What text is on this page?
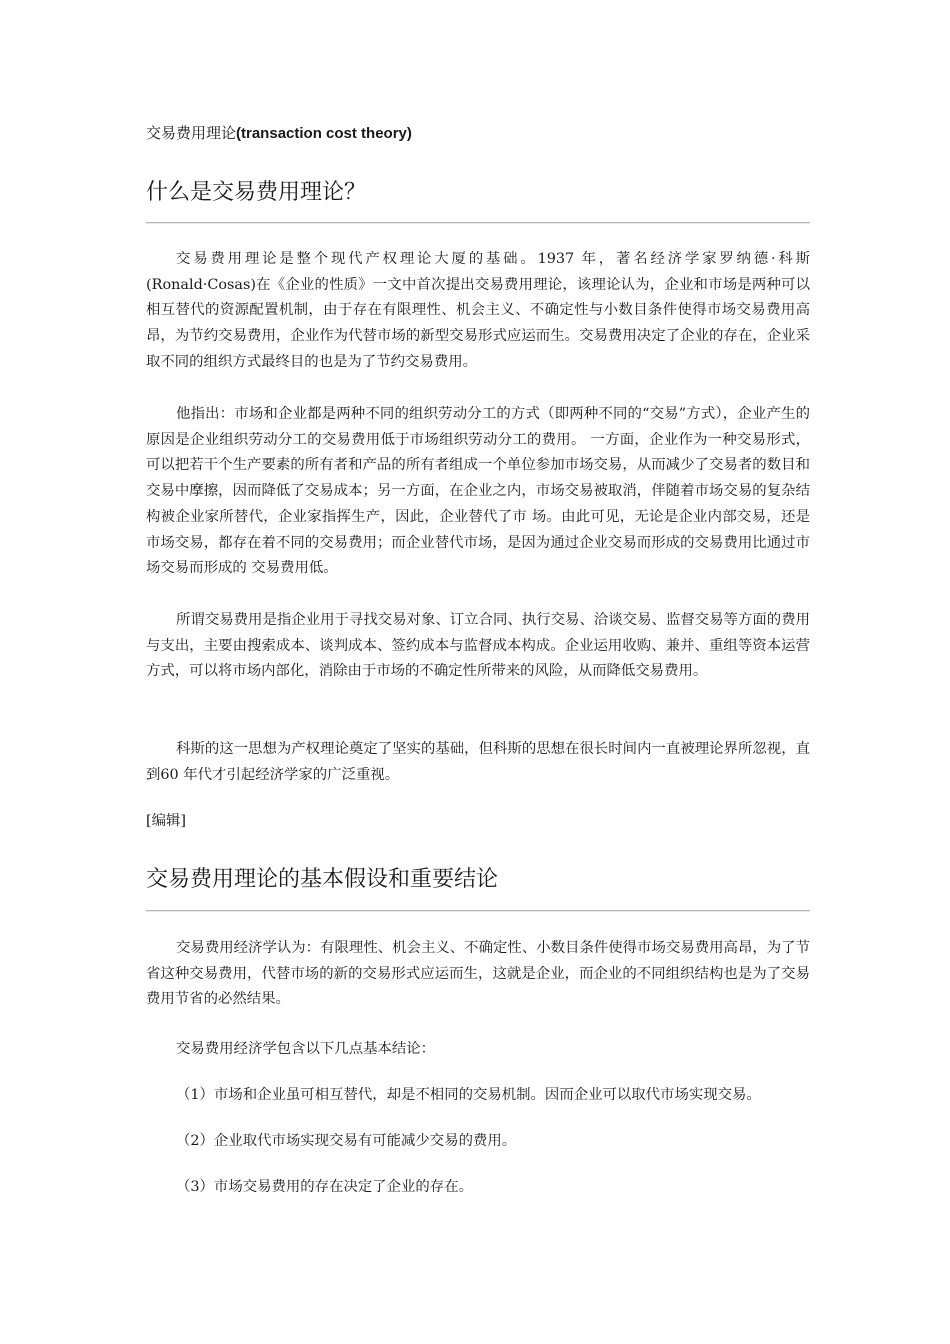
交易费用理论(transaction cost theory)
什么是交易费用理论？
交易费用理论是整个现代产权理论大厦的基础。1937 年，著名经济学家罗纳德·科斯 (Ronald·Cosas)在《企业的性质》一文中首次提出交易费用理论，该理论认为，企业和市场是两种可以相互替代的资源配置机制，由于存在有限理性、机会主义、不确定性与小数目条件使得市场交易费用高昂，为节约交易费用，企业作为代替市场的新型交易形式应运而生。交易费用决定了企业的存在，企业采取不同的组织方式最终目的也是为了节约交易费用。
他指出：市场和企业都是两种不同的组织劳动分工的方式（即两种不同的“交易”方式），企业产生的原因是企业组织劳动分工的交易费用低于市场组织劳动分工的费用。 一方面，企业作为一种交易形式，可以把若干个生产要素的所有者和产品的所有者组成一个单位参加市场交易，从而减少了交易者的数目和交易中摩擦，因而降低了交易成本；另一方面，在企业之内，市场交易被取消，伴随着市场交易的复杂结构被企业家所替代，企业家指挥生产，因此，企业替代了市 场。由此可见，无论是企业内部交易，还是市场交易，都存在着不同的交易费用；而企业替代市场，是因为通过企业交易而形成的交易费用比通过市场交易而形成的 交易费用低。
所谓交易费用是指企业用于寻找交易对象、订立合同、执行交易、洽谈交易、监督交易等方面的费用与支出，主要由搜索成本、谈判成本、签约成本与监督成本构成。企业运用收购、兼并、重组等资本运营方式，可以将市场内部化，消除由于市场的不确定性所带来的风险，从而降低交易费用。
科斯的这一思想为产权理论奠定了坚实的基础，但科斯的思想在很长时间内一直被理论界所忽视，直到60 年代才引起经济学家的广泛重视。
[编辑]
交易费用理论的基本假设和重要结论
交易费用经济学认为：有限理性、机会主义、不确定性、小数目条件使得市场交易费用高昂，为了节省这种交易费用，代替市场的新的交易形式应运而生，这就是企业，而企业的不同组织结构也是为了交易费用节省的必然结果。
交易费用经济学包含以下几点基本结论：
（1）市场和企业虽可相互替代，却是不相同的交易机制。因而企业可以取代市场实现交易。
（2）企业取代市场实现交易有可能减少交易的费用。
（3）市场交易费用的存在决定了企业的存在。
